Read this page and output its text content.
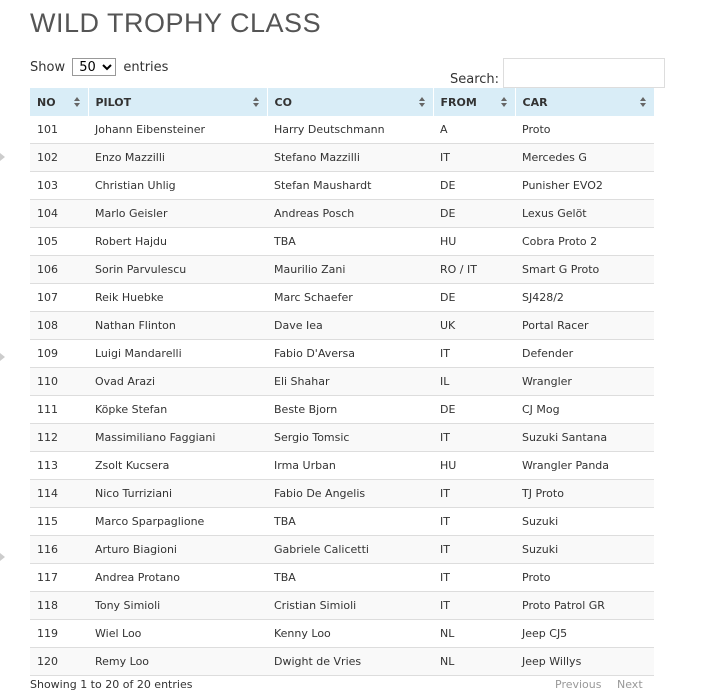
WILD TROPHY CLASS
Show
50	entries
Search:
NO	PILOT	CO	FROM	CAR

101	Johann Eibensteiner	Harry Deutschmann	A	Proto
102	Enzo Mazzilli	Stefano Mazzilli	IT	Mercedes G
103	Christian Uhlig	Stefan Maushardt	DE	Punisher EVO2
104	Marlo Geisler	Andreas Posch	DE	Lexus Gelöt
105	Robert Hajdu	TBA	HU	Cobra Proto 2
106	Sorin Parvulescu	Maurilio Zani	RO / IT	Smart G Proto
107	Reik Huebke	Marc Schaefer	DE	SJ428/2
108	Nathan Flinton	Dave Iea	UK	Portal Racer
109	Luigi Mandarelli	Fabio D'Aversa	IT	Defender
110	Ovad Arazi	Eli Shahar	IL	Wrangler
111	Köpke Stefan	Beste Bjorn	DE	CJ Mog
112	Massimiliano Faggiani	Sergio Tomsic	IT	Suzuki Santana
113	Zsolt Kucsera	Irma Urban	HU	Wrangler Panda
114	Nico Turriziani	Fabio De Angelis	IT	TJ Proto
115	Marco Sparpaglione	TBA	IT	Suzuki
116	Arturo Biagioni	Gabriele Calicetti	IT	Suzuki
117	Andrea Protano	TBA	IT	Proto
118	Tony Simioli	Cristian Simioli	IT	Proto Patrol GR
119	Wiel Loo	Kenny Loo	NL	Jeep CJ5
120	Remy Loo	Dwight de Vries	NL	Jeep Willys
Showing 1 to 20 of 20 entries	Previous Next
